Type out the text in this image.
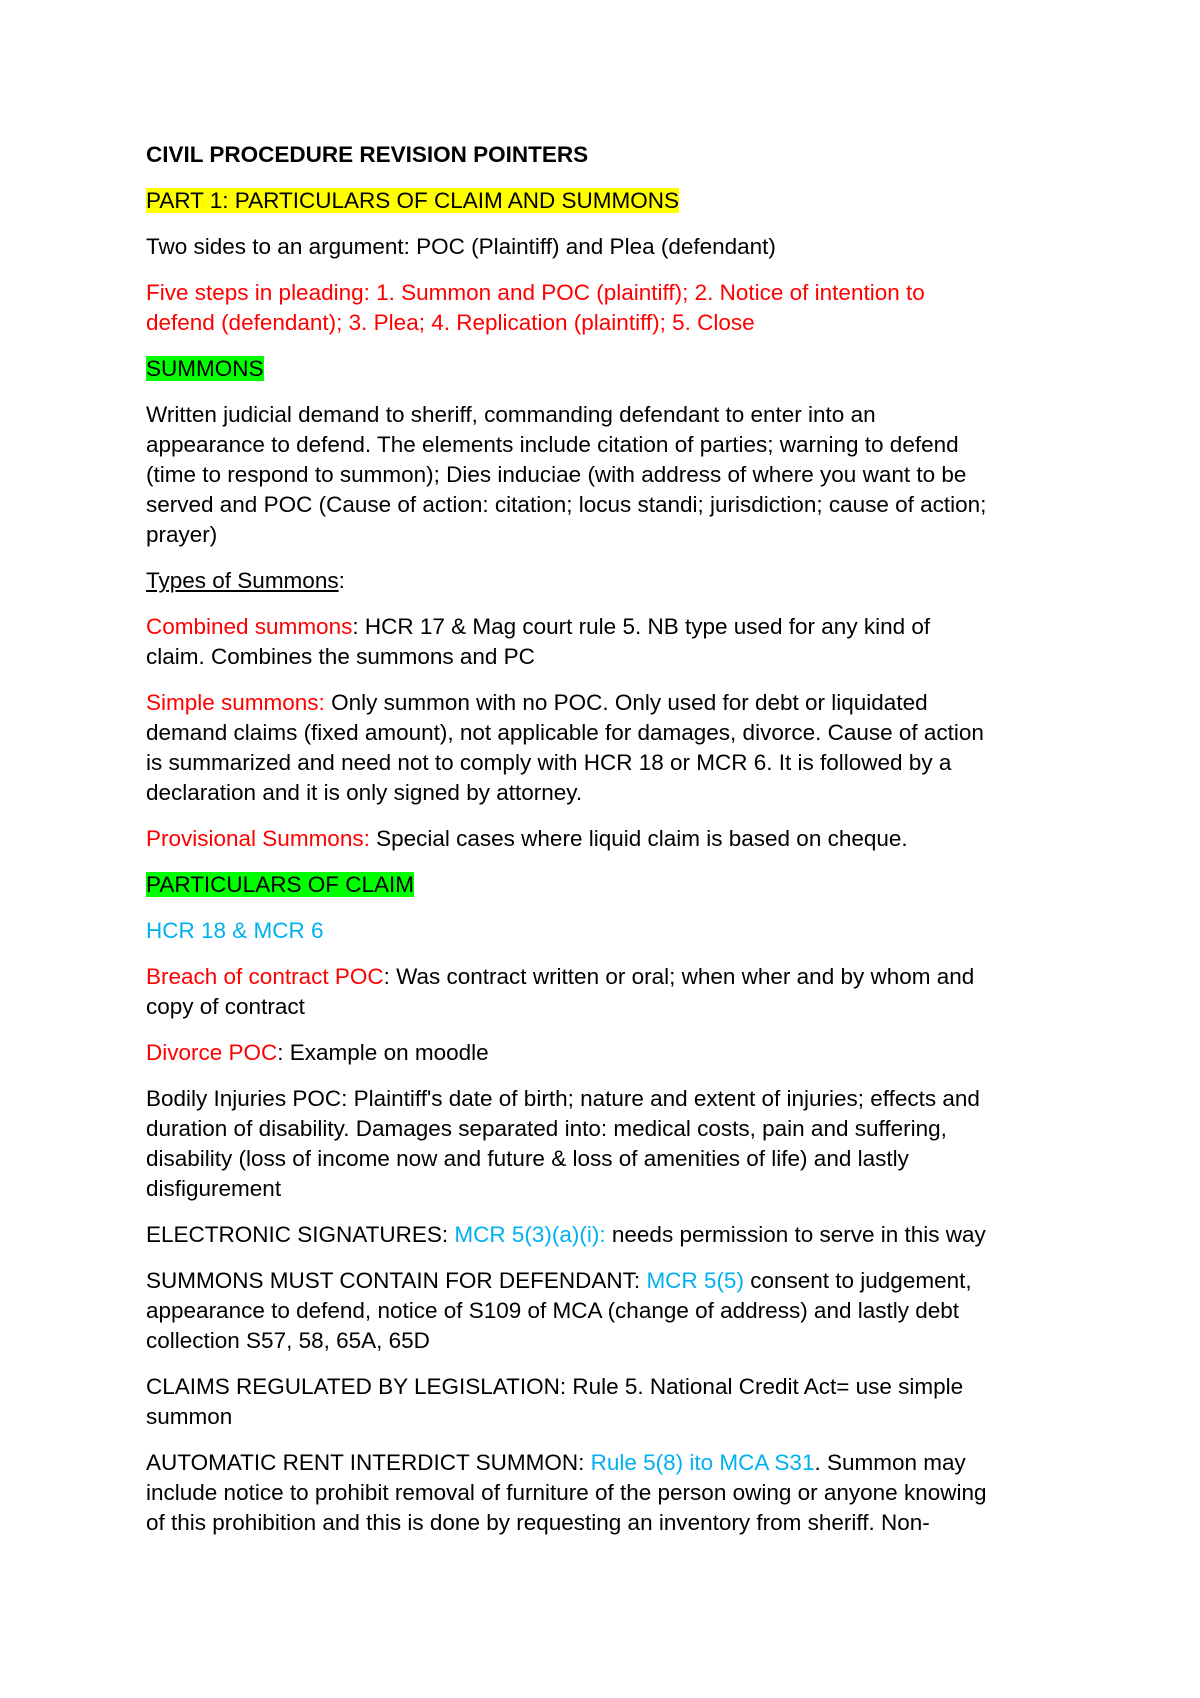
CIVIL PROCEDURE REVISION POINTERS

PART 1: PARTICULARS OF CLAIM AND SUMMONS

Two sides to an argument: POC (Plaintiff) and Plea (defendant)

Five steps in pleading: 1. Summon and POC (plaintiff); 2. Notice of intention to
defend (defendant); 3. Plea; 4. Replication (plaintiff); 5. Close

SUMMONS

Written judicial demand to sheriff, commanding defendant to enter into an
appearance to defend. The elements include citation of parties; warning to defend
(time to respond to summon); Dies induciae (with address of where you want to be
served and POC (Cause of action: citation; locus standi; jurisdiction; cause of action;
prayer)

Types of Summons:

Combined summons: HCR 17 & Mag court rule 5. NB type used for any kind of
claim. Combines the summons and PC

Simple summons: Only summon with no POC. Only used for debt or liquidated
demand claims (fixed amount), not applicable for damages, divorce. Cause of action
is summarized and need not to comply with HCR 18 or MCR 6. It is followed by a
declaration and it is only signed by attorney.

Provisional Summons: Special cases where liquid claim is based on cheque.

PARTICULARS OF CLAIM

HCR 18 & MCR 6

Breach of contract POC: Was contract written or oral; when wher and by whom and
copy of contract

Divorce POC: Example on moodle

Bodily Injuries POC: Plaintiff's date of birth; nature and extent of injuries; effects and
duration of disability. Damages separated into: medical costs, pain and suffering,
disability (loss of income now and future & loss of amenities of life) and lastly
disfigurement

ELECTRONIC SIGNATURES: MCR 5(3)(a)(i): needs permission to serve in this way

SUMMONS MUST CONTAIN FOR DEFENDANT: MCR 5(5) consent to judgement,
appearance to defend, notice of S109 of MCA (change of address) and lastly debt
collection S57, 58, 65A, 65D

CLAIMS REGULATED BY LEGISLATION: Rule 5. National Credit Act= use simple
summon

AUTOMATIC RENT INTERDICT SUMMON: Rule 5(8) ito MCA S31. Summon may
include notice to prohibit removal of furniture of the person owing or anyone knowing
of this prohibition and this is done by requesting an inventory from sheriff. Non-
